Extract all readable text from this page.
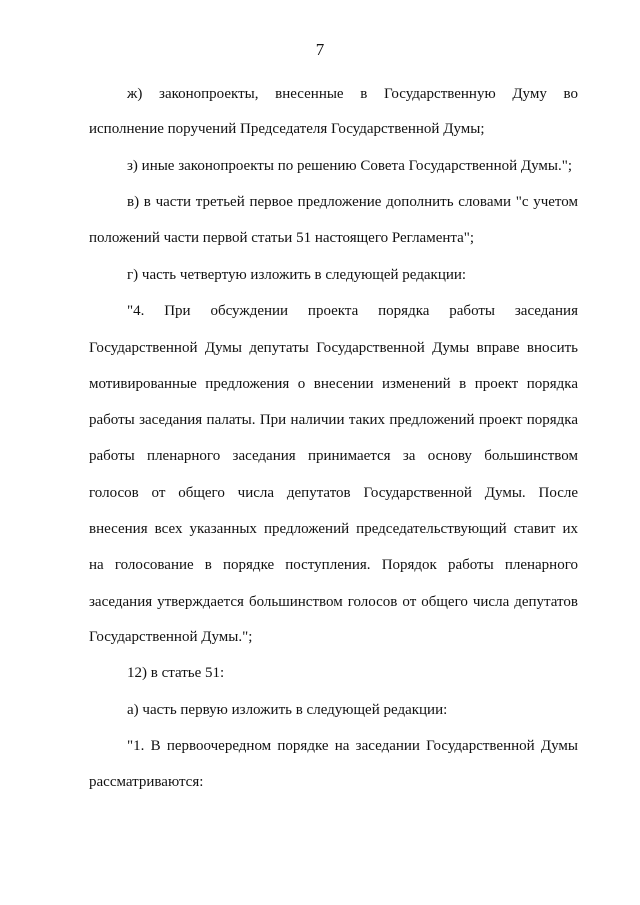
7
ж) законопроекты, внесенные в Государственную Думу во
исполнение поручений Председателя Государственной Думы;
з) иные законопроекты по решению Совета Государственной Думы.";
в) в части третьей первое предложение дополнить словами "с учетом
положений части первой статьи 51 настоящего Регламента";
г) часть четвертую изложить в следующей редакции:
"4. При обсуждении проекта порядка работы заседания
Государственной Думы депутаты Государственной Думы вправе вносить
мотивированные предложения о внесении изменений в проект порядка
работы заседания палаты. При наличии таких предложений проект порядка
работы пленарного заседания принимается за основу большинством
голосов от общего числа депутатов Государственной Думы. После
внесения всех указанных предложений председательствующий ставит их
на голосование в порядке поступления. Порядок работы пленарного
заседания утверждается большинством голосов от общего числа депутатов
Государственной Думы.";
12) в статье 51:
а) часть первую изложить в следующей редакции:
"1. В первоочередном порядке на заседании Государственной Думы
рассматриваются:
